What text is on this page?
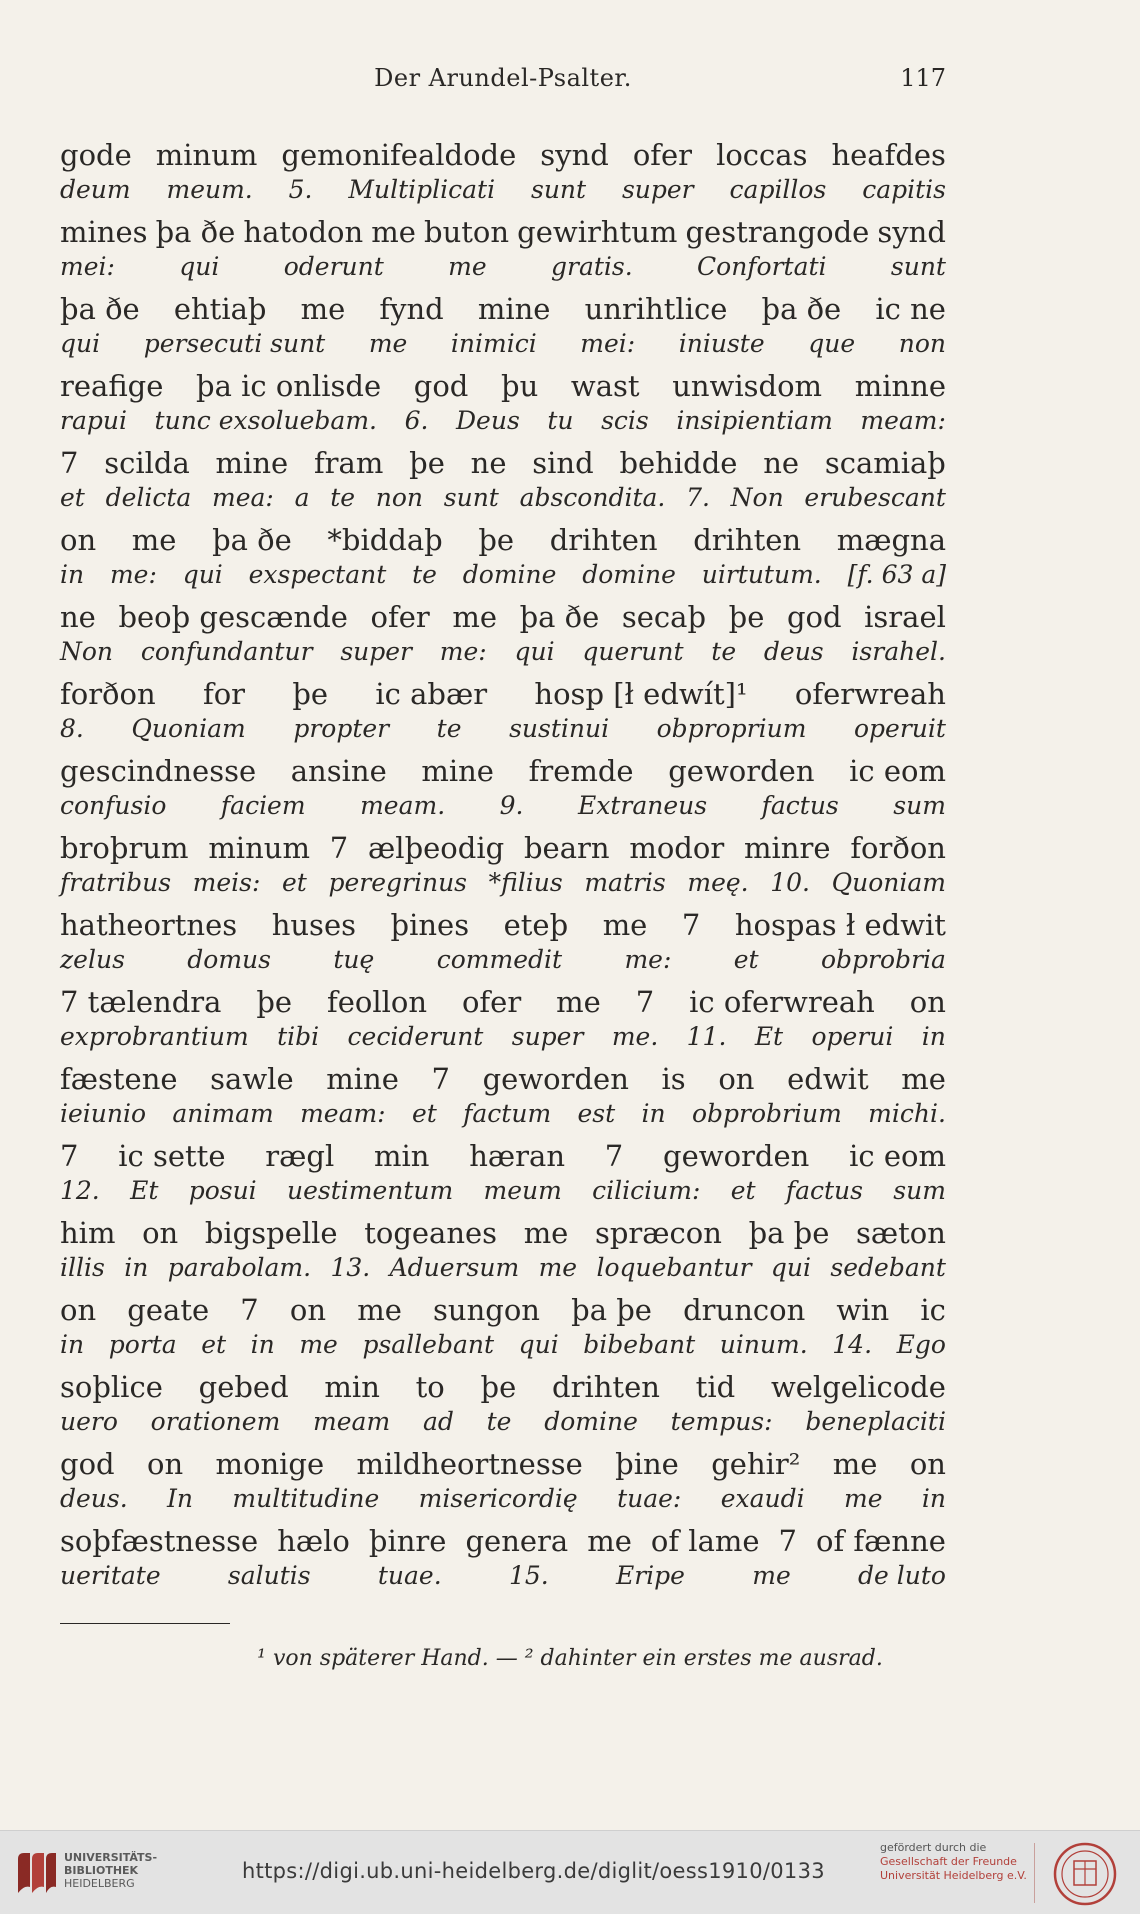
Der Arundel-Psalter.	117
gode minum gemonifealdode synd ofer loccas heafdes
deum meum. 5. Multiplicati sunt super capillos capitis
mines þa ðe hatodon me buton gewirhtum gestrangode synd
mei:	qui	oderunt	me	gratis.	Confortati	sunt
þa ðe ehtiaþ me fynd mine unrihtlice þa ðe ic ne
qui persecuti sunt me inimici mei: iniuste que non
reafige þa ic onlisde god þu wast unwisdom minne
rapui tunc exsoluebam. 6. Deus tu scis insipientiam meam:
7 scilda mine fram þe ne sind behidde ne scamiaþ
et delicta mea: a te non sunt abscondita. 7. Non erubescant
on me þa ðe *biddaþ þe drihten drihten mægna
in me: qui exspectant te domine domine uirtutum. [f. 63 a]
ne beoþ gescænde ofer me þa ðe secaþ þe god israel
Non confundantur super me: qui querunt te deus israhel.
forðon for þe ic abær hosp [ł edwít]¹ oferwreah
8. Quoniam propter te sustinui obproprium operuit
gescindnesse ansine mine fremde geworden ic eom
confusio faciem meam. 9. Extraneus factus sum
broþrum minum 7 ælþeodig bearn modor minre forðon
fratribus meis: et peregrinus *filius matris meę. 10. Quoniam
hatheortnes huses þines eteþ me 7 hospas ł edwit
zelus domus tuę commedit me: et obprobria
7 tælendra þe feollon ofer me 7 ic oferwreah on
exprobrantium tibi ceciderunt super me. 11. Et operui in
fæstene sawle mine 7 geworden is on edwit me
ieiunio animam meam: et factum est in obprobrium michi.
7 ic sette rægl min hæran 7 geworden ic eom
12. Et posui uestimentum meum cilicium: et factus sum
him on bigspelle togeanes me spræcon þa þe sæton
illis in parabolam. 13. Aduersum me loquebantur qui sedebant
on geate 7 on me sungon þa þe druncon win ic
in porta et in me psallebant qui bibebant uinum. 14. Ego
soþlice gebed min to þe drihten tid welgelicode
uero orationem meam ad te domine tempus: beneplaciti
god on monige mildheortnesse þine gehir² me on
deus. In multitudine misericordię tuae: exaudi me in
soþfæstnesse hælo þinre genera me of lame 7 of fænne
ueritate	salutis	tuae.	15.	Eripe	me	de luto
¹ von späterer Hand. — ² dahinter ein erstes me ausrad.
UNIVERSITÄTS-
BIBLIOTHEK
HEIDELBERG
https://digi.ub.uni-heidelberg.de/diglit/oess1910/0133
gefördert durch die
Gesellschaft der Freunde
Universität Heidelberg e.V.
